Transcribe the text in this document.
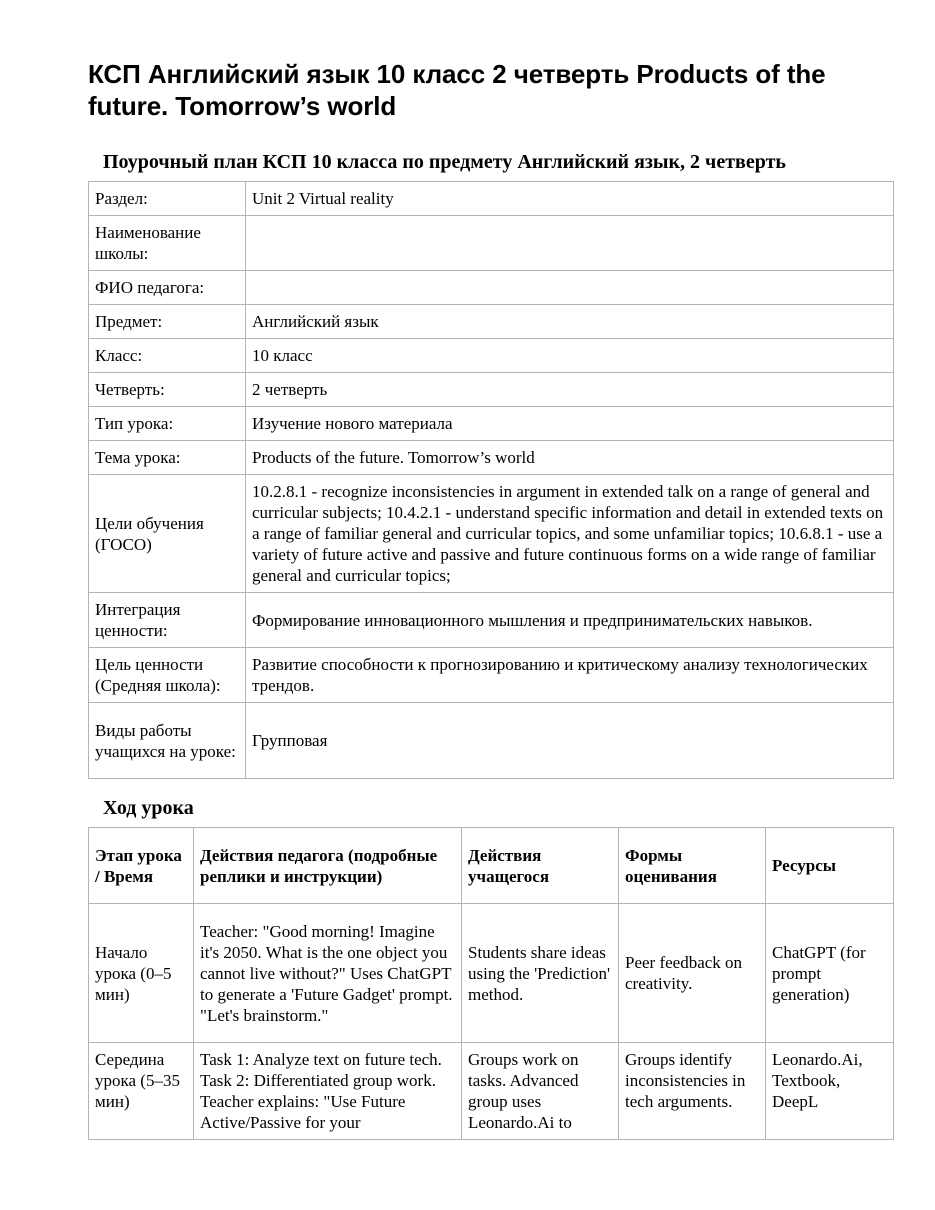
КСП Английский язык 10 класс 2 четверть Products of the future. Tomorrow’s world
Поурочный план КСП 10 класса по предмету Английский язык, 2 четверть
Раздел:	Unit 2 Virtual reality
Наименование школы:	
ФИО педагога:	
Предмет:	Английский язык
Класс:	10 класс
Четверть:	2 четверть
Тип урока:	Изучение нового материала
Тема урока:	Products of the future. Tomorrow’s world
Цели обучения (ГОСО)	10.2.8.1 - recognize inconsistencies in argument in extended talk on a range of general and curricular subjects; 10.4.2.1 - understand specific information and detail in extended texts on a range of familiar general and curricular topics, and some unfamiliar topics; 10.6.8.1 - use a variety of future active and passive and future continuous forms on a wide range of familiar general and curricular topics;
Интеграция ценности:	Формирование инновационного мышления и предпринимательских навыков.
Цель ценности (Средняя школа):	Развитие способности к прогнозированию и критическому анализу технологических трендов.
Виды работы учащихся на уроке:	Групповая
Ход урока
Этап урока / Время	Действия педагога (подробные реплики и инструкции)	Действия учащегося	Формы оценивания	Ресурсы
Начало урока (0–5 мин)	Teacher: "Good morning! Imagine it's 2050. What is the one object you cannot live without?" Uses ChatGPT to generate a 'Future Gadget' prompt. "Let's brainstorm."	Students share ideas using the 'Prediction' method.	Peer feedback on creativity.	ChatGPT (for prompt generation)
Середина урока (5–35 мин)	Task 1: Analyze text on future tech. Task 2: Differentiated group work. Teacher explains: "Use Future Active/Passive for your	Groups work on tasks. Advanced group uses Leonardo.Ai to	Groups identify inconsistencies in tech arguments.	Leonardo.Ai, Textbook, DeepL
